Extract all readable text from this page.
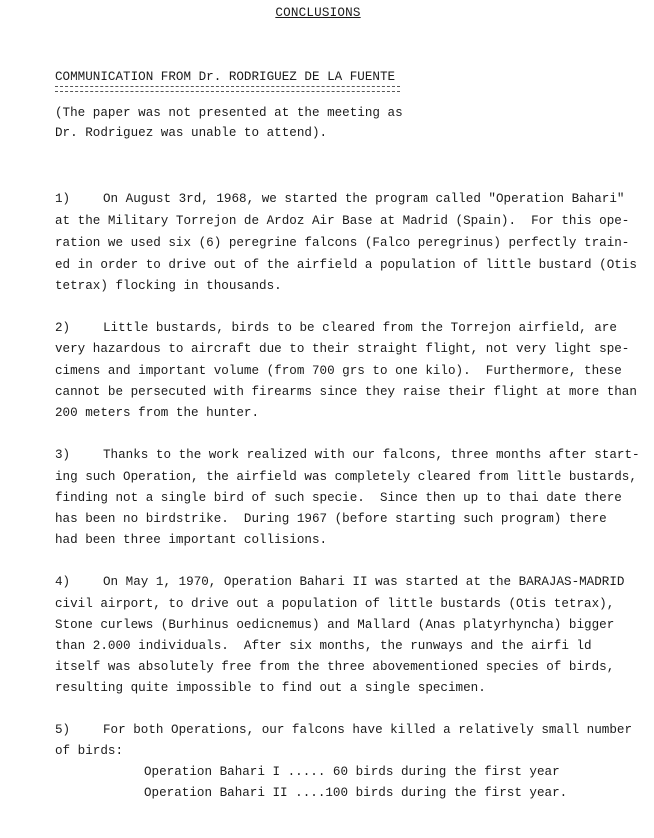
CONCLUSIONS
COMMUNICATION FROM Dr. RODRIGUEZ DE LA FUENTE
(The paper was not presented at the meeting as
Dr. Rodriguez was unable to attend).
1)	On August 3rd, 1968, we started the program called "Operation Bahari"
at the Military Torrejon de Ardoz Air Base at Madrid (Spain).  For this ope-
ration we used six (6) peregrine falcons (Falco peregrinus) perfectly train-
ed in order to drive out of the airfield a population of little bustard (Otis
tetrax) flocking in thousands.
2)	Little bustards, birds to be cleared from the Torrejon airfield, are
very hazardous to aircraft due to their straight flight, not very light spe-
cimens and important volume (from 700 grs to one kilo).  Furthermore, these
cannot be persecuted with firearms since they raise their flight at more than
200 meters from the hunter.
3)	Thanks to the work realized with our falcons, three months after start-
ing such Operation, the airfield was completely cleared from little bustards,
finding not a single bird of such specie.  Since then up to thai date there
has been no birdstrike.  During 1967 (before starting such program) there
had been three important collisions.
4)	On May 1, 1970, Operation Bahari II was started at the BARAJAS-MADRID
civil airport, to drive out a population of little bustards (Otis tetrax),
Stone curlews (Burhinus oedicnemus) and Mallard (Anas platyrhyncha) bigger
than 2.000 individuals.  After six months, the runways and the airfi ld
itself was absolutely free from the three abovementioned species of birds,
resulting quite impossible to find out a single specimen.
5)	For both Operations, our falcons have killed a relatively small number
of birds:
Operation Bahari I ..... 60 birds during the first year
Operation Bahari II ....100 birds during the first year.
